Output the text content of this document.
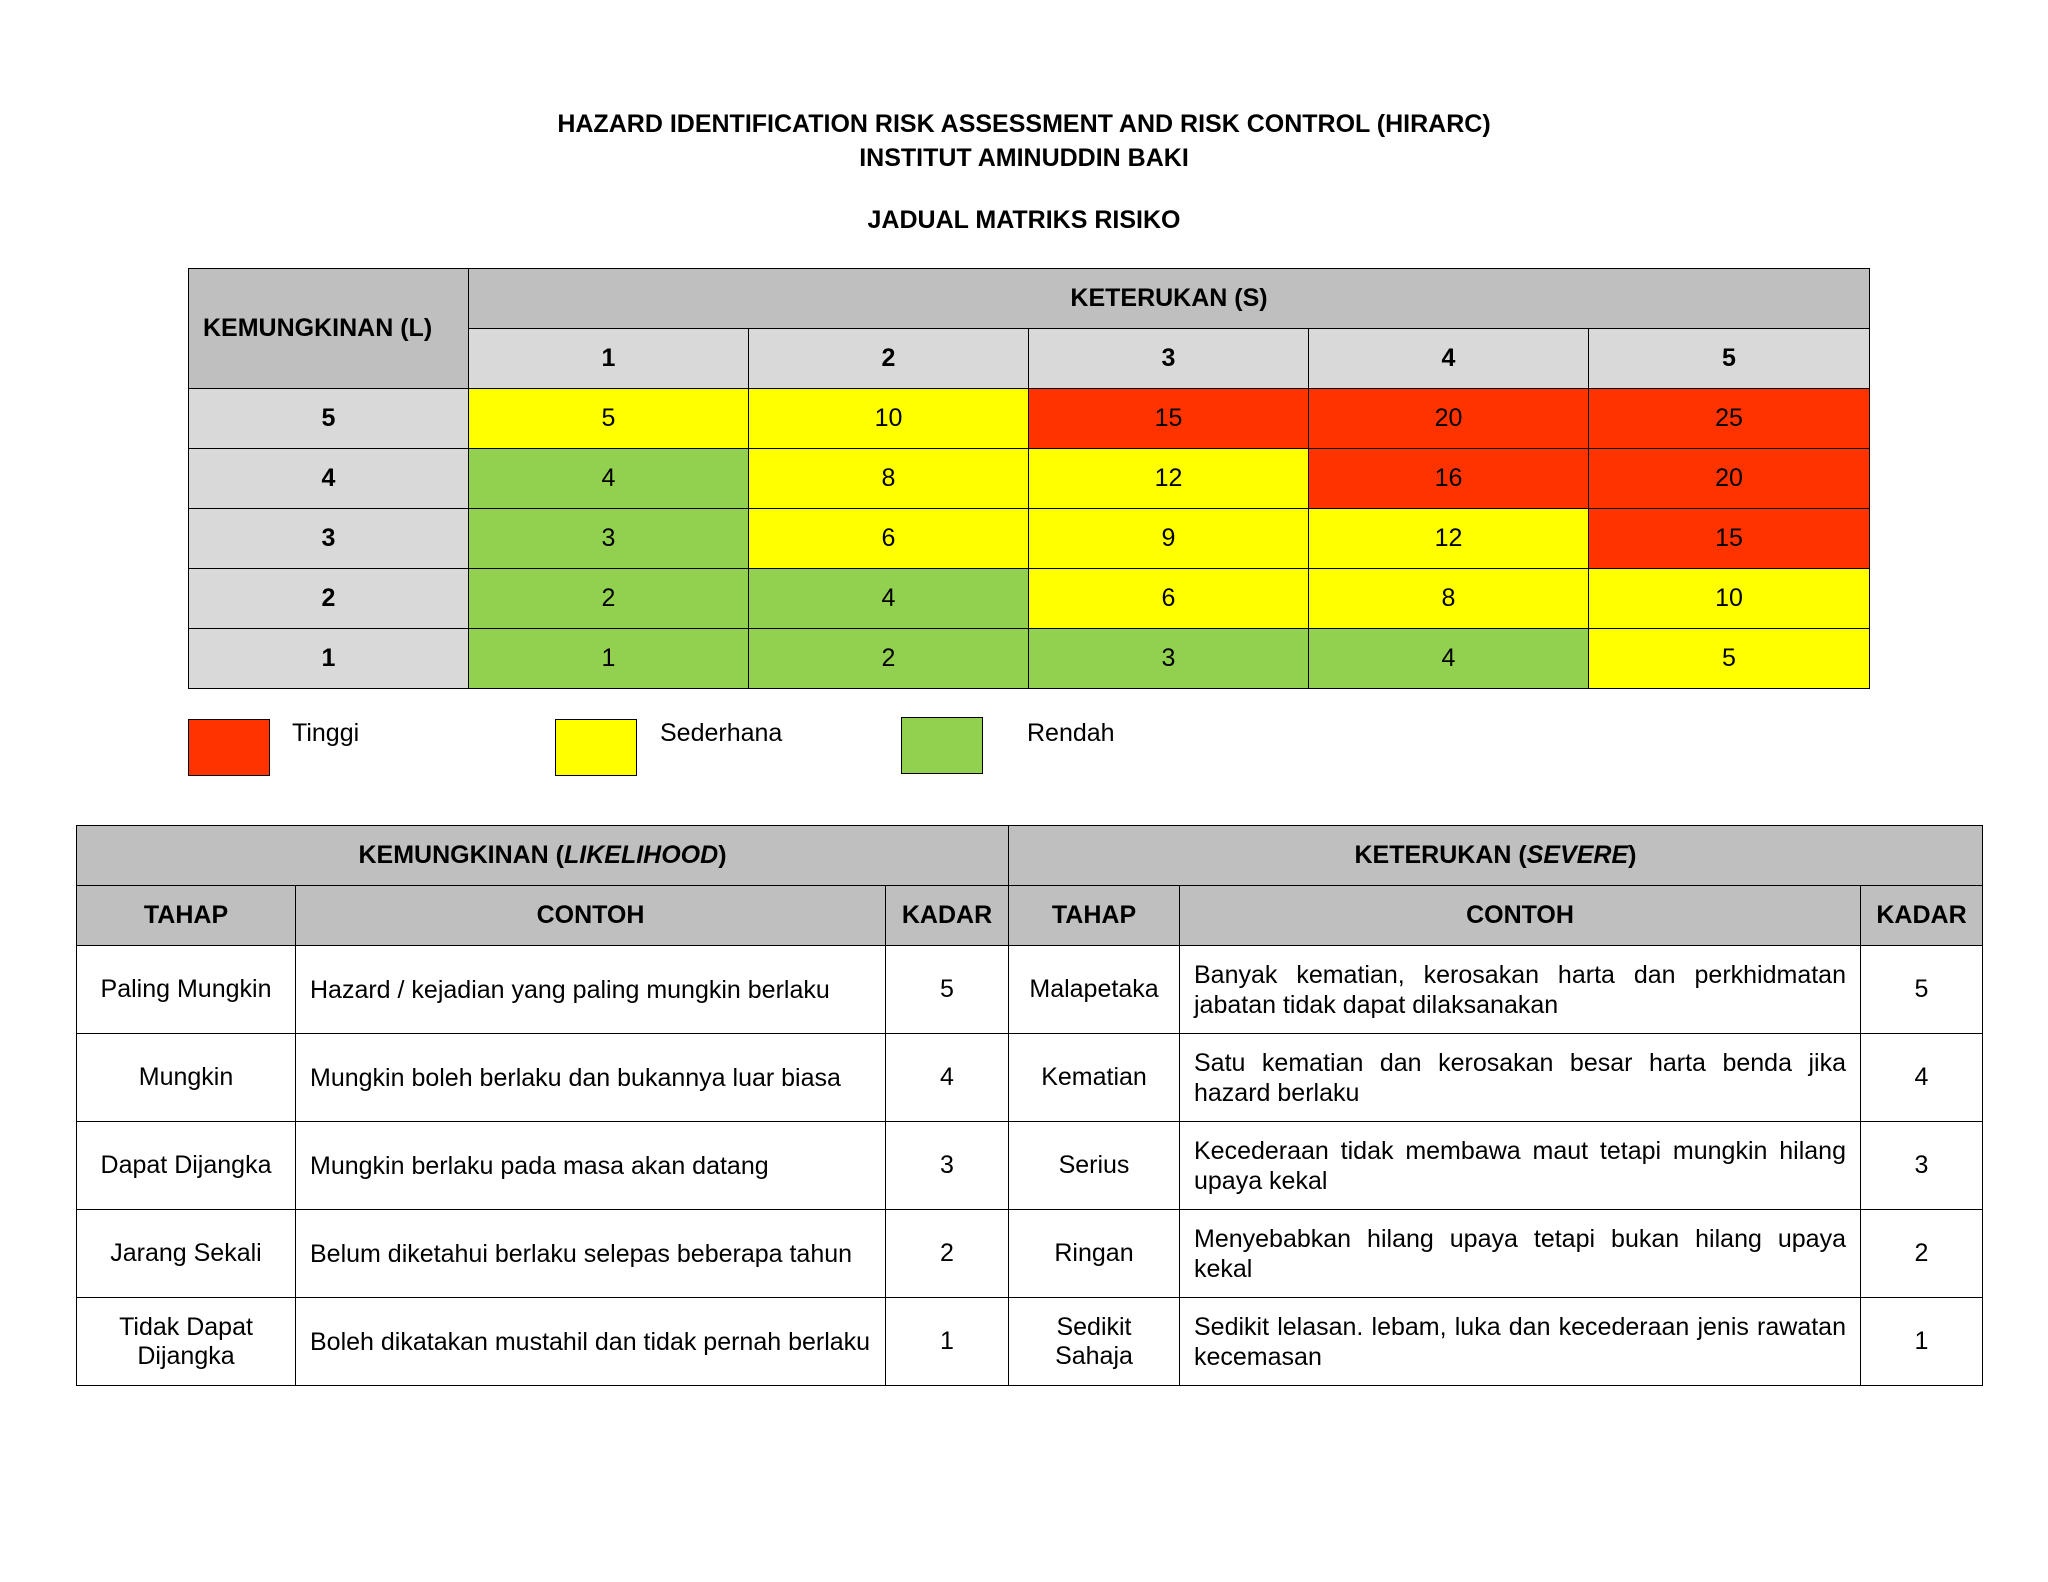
HAZARD IDENTIFICATION RISK ASSESSMENT AND RISK CONTROL (HIRARC)
INSTITUT AMINUDDIN BAKI
JADUAL MATRIKS RISIKO
KEMUNGKINAN (L)	KETERUKAN (S)				
	1	2	3	4	5
5	5	10	15	20	25
4	4	8	12	16	20
3	3	6	9	12	15
2	2	4	6	8	10
1	1	2	3	4	5
Tinggi	Sederhana	Rendah
KEMUNGKINAN (LIKELIHOOD)			KETERUKAN (SEVERE)		
TAHAP	CONTOH	KADAR	TAHAP	CONTOH	KADAR
Paling Mungkin	Hazard / kejadian yang paling mungkin berlaku	5	Malapetaka	Banyak kematian, kerosakan harta dan perkhidmatan jabatan tidak dapat dilaksanakan	5
Mungkin	Mungkin boleh berlaku dan bukannya luar biasa	4	Kematian	Satu kematian dan kerosakan besar harta benda jika hazard berlaku	4
Dapat Dijangka	Mungkin berlaku pada masa akan datang	3	Serius	Kecederaan tidak membawa maut tetapi mungkin hilang upaya kekal	3
Jarang Sekali	Belum diketahui berlaku selepas beberapa tahun	2	Ringan	Menyebabkan hilang upaya tetapi bukan hilang upaya kekal	2
Tidak Dapat Dijangka	Boleh dikatakan mustahil dan tidak pernah berlaku	1	Sedikit Sahaja	Sedikit lelasan. lebam, luka dan kecederaan jenis rawatan kecemasan	1
